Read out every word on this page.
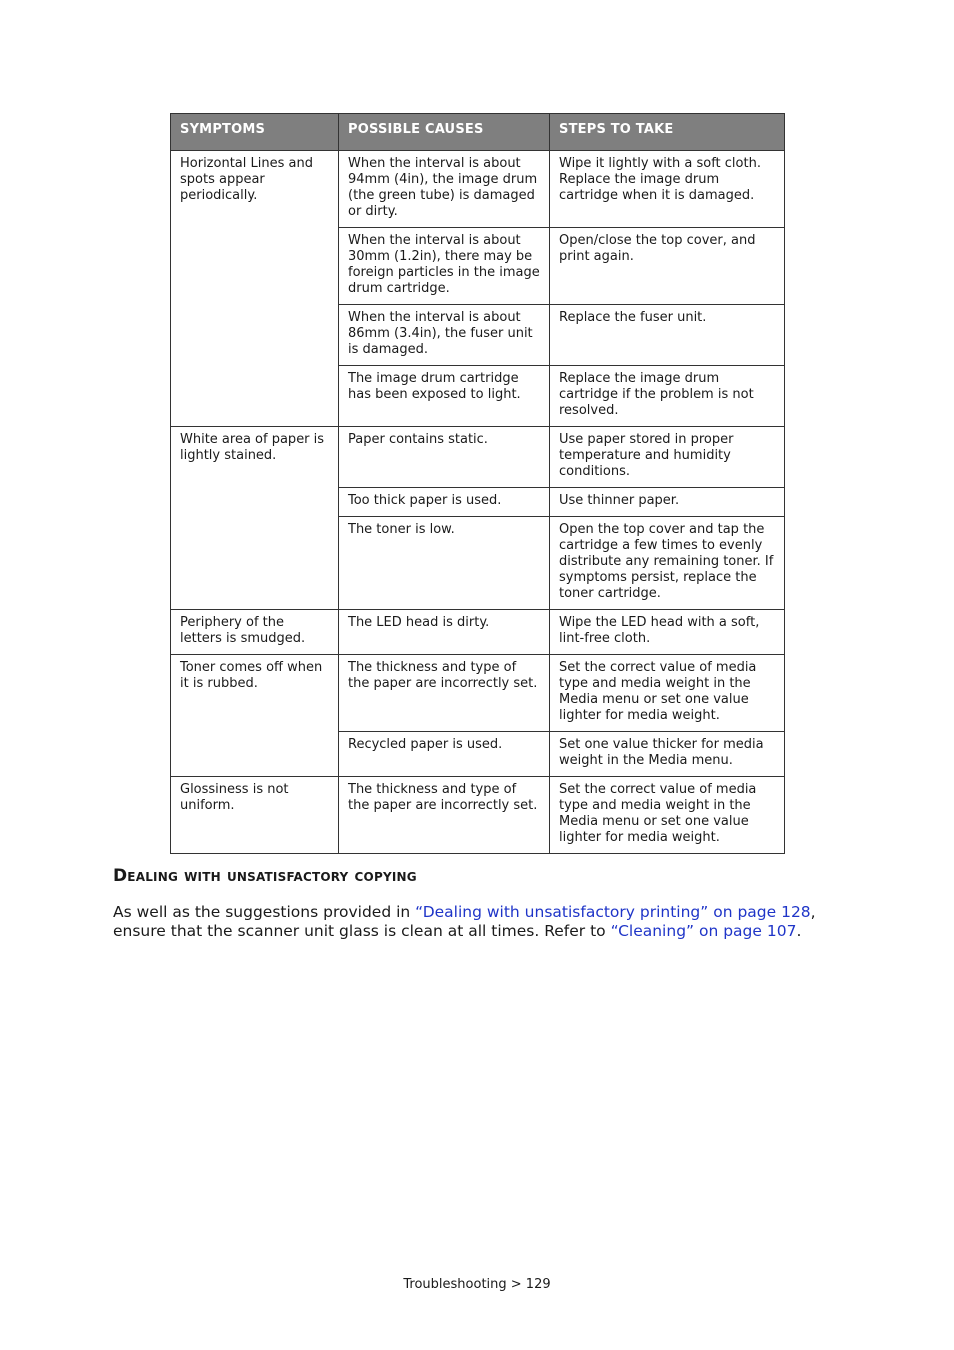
SYMPTOMS	POSSIBLE CAUSES	STEPS TO TAKE
Horizontal Lines and spots appear periodically.	When the interval is about 94mm (4in), the image drum (the green tube) is damaged or dirty.	Wipe it lightly with a soft cloth. Replace the image drum cartridge when it is damaged.
	When the interval is about 30mm (1.2in), there may be foreign particles in the image drum cartridge.	Open/close the top cover, and print again.
	When the interval is about 86mm (3.4in), the fuser unit is damaged.	Replace the fuser unit.
	The image drum cartridge has been exposed to light.	Replace the image drum cartridge if the problem is not resolved.
White area of paper is lightly stained.	Paper contains static.	Use paper stored in proper temperature and humidity conditions.
	Too thick paper is used.	Use thinner paper.
	The toner is low.	Open the top cover and tap the cartridge a few times to evenly distribute any remaining toner. If symptoms persist, replace the toner cartridge.
Periphery of the letters is smudged.	The LED head is dirty.	Wipe the LED head with a soft, lint-free cloth.
Toner comes off when it is rubbed.	The thickness and type of the paper are incorrectly set.	Set the correct value of media type and media weight in the Media menu or set one value lighter for media weight.
	Recycled paper is used.	Set one value thicker for media weight in the Media menu.
Glossiness is not uniform.	The thickness and type of the paper are incorrectly set.	Set the correct value of media type and media weight in the Media menu or set one value lighter for media weight.
Dealing with unsatisfactory copying

As well as the suggestions provided in “Dealing with unsatisfactory printing” on page 128, ensure that the scanner unit glass is clean at all times. Refer to “Cleaning” on page 107.

Troubleshooting > 129
